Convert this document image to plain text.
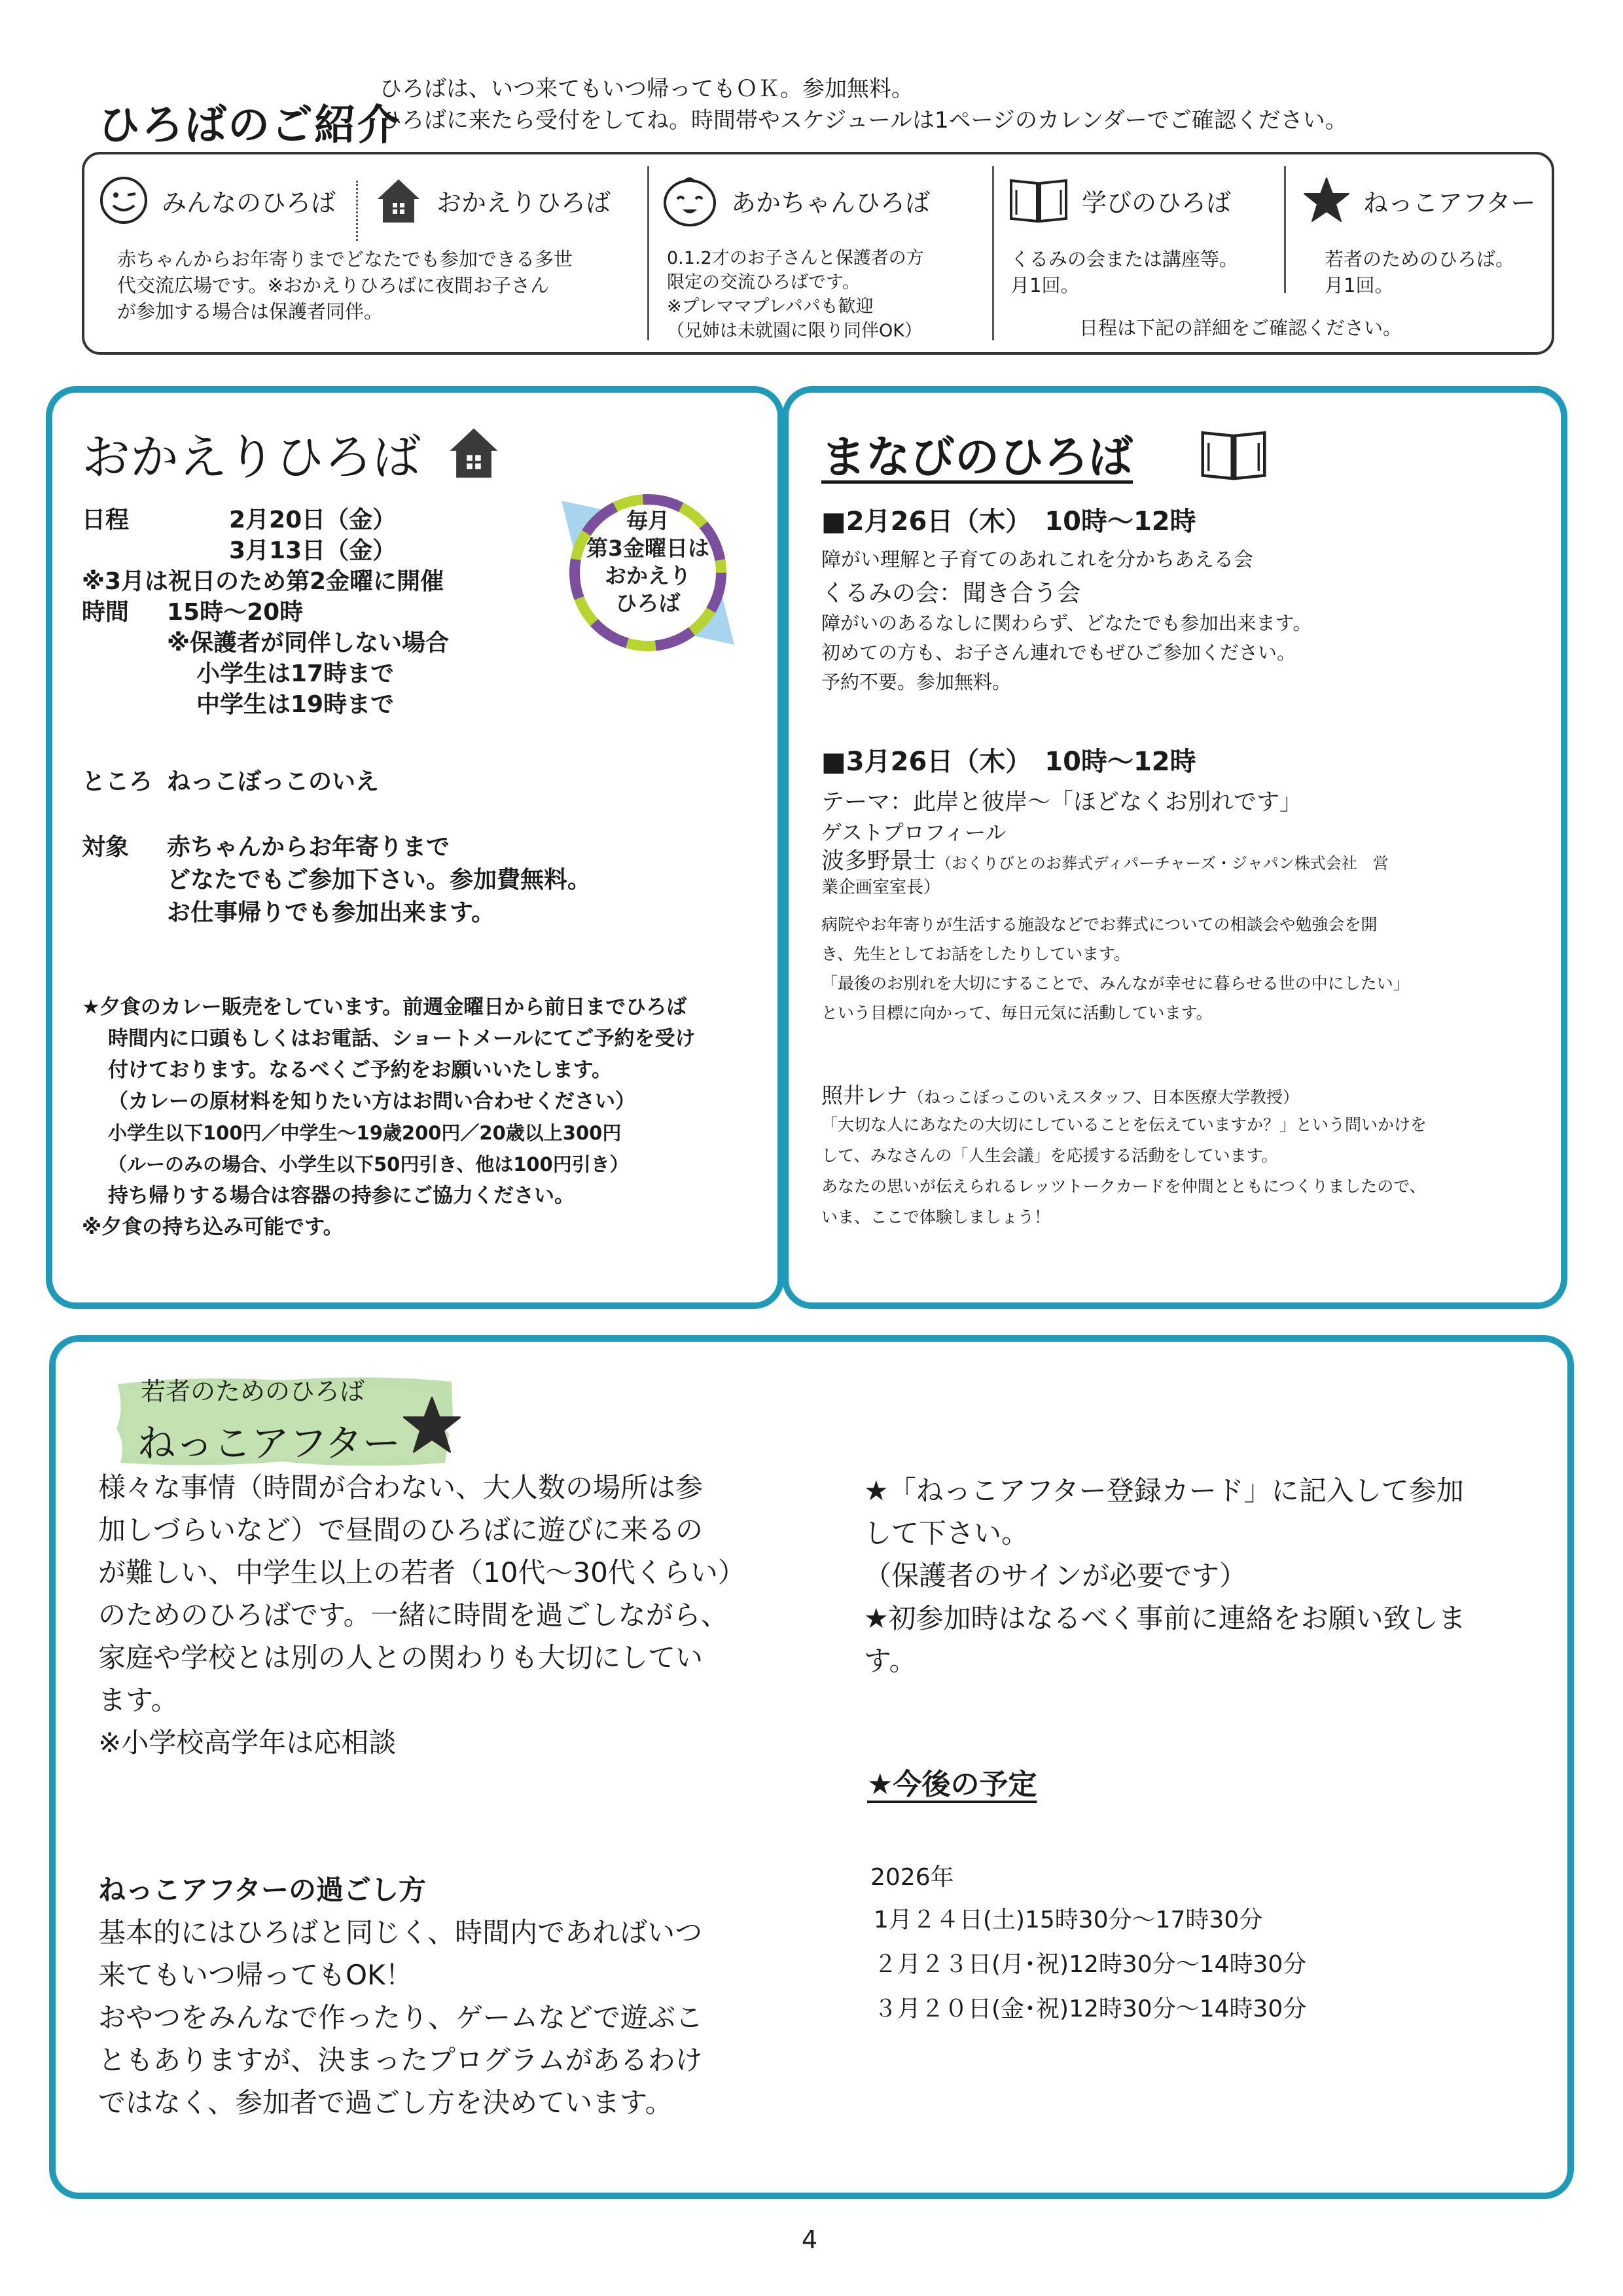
ひろばのご紹介
ひろばは、いつ来てもいつ帰ってもＯＫ。参加無料。
ひろばに来たら受付をしてね。時間帯やスケジュールは1ページのカレンダーでご確認ください。
みんなのひろば	おかえりひろば	あかちゃんひろば	学びのひろば	ねっこアフター
赤ちゃんからお年寄りまでどなたでも参加できる多世
代交流広場です。※おかえりひろばに夜間お子さん
が参加する場合は保護者同伴。
0.1.2才のお子さんと保護者の方
限定の交流ひろばです。
※プレママプレパパも歓迎
（兄姉は未就園に限り同伴OK）
くるみの会または講座等。
月1回。
若者のためのひろば。
月1回。
日程は下記の詳細をご確認ください。
おかえりひろば
日程	2月20日（金）
3月13日（金）
※3月は祝日のため第2金曜に開催
時間 15時～20時
※保護者が同伴しない場合
小学生は17時まで
中学生は19時まで
ところ ねっこぼっこのいえ
対象 赤ちゃんからお年寄りまで
どなたでもご参加下さい。参加費無料。
お仕事帰りでも参加出来ます。
★夕食のカレー販売をしています。前週金曜日から前日までひろば
時間内に口頭もしくはお電話、ショートメールにてご予約を受け
付けております。なるべくご予約をお願いいたします。
（カレーの原材料を知りたい方はお問い合わせください）
小学生以下100円／中学生～19歳200円／20歳以上300円
（ルーのみの場合、小学生以下50円引き、他は100円引き）
持ち帰りする場合は容器の持参にご協力ください。
※夕食の持ち込み可能です。
毎月
第3金曜日は
おかえり
ひろば
まなびのひろば
■2月26日（木）　10時～12時
障がい理解と子育てのあれこれを分かちあえる会
くるみの会：聞き合う会
障がいのあるなしに関わらず、どなたでも参加出来ます。
初めての方も、お子さん連れでもぜひご参加ください。
予約不要。参加無料。
■3月26日（木）　10時～12時
テーマ：此岸と彼岸～「ほどなくお別れです」
ゲストプロフィール
波多野景士（おくりびとのお葬式ディパーチャーズ・ジャパン株式会社　営
業企画室室長）
病院やお年寄りが生活する施設などでお葬式についての相談会や勉強会を開
き、先生としてお話をしたりしています。
「最後のお別れを大切にすることで、みんなが幸せに暮らせる世の中にしたい」
という目標に向かって、毎日元気に活動しています。
照井レナ（ねっこぼっこのいえスタッフ、日本医療大学教授）
「大切な人にあなたの大切にしていることを伝えていますか？」という問いかけを
して、みなさんの「人生会議」を応援する活動をしています。
あなたの思いが伝えられるレッツトークカードを仲間とともにつくりましたので、
いま、ここで体験しましょう！
若者のためのひろば
ねっこアフター
様々な事情（時間が合わない、大人数の場所は参
加しづらいなど）で昼間のひろばに遊びに来るの
が難しい、中学生以上の若者（10代～30代くらい）
のためのひろばです。一緒に時間を過ごしながら、
家庭や学校とは別の人との関わりも大切にしてい
ます。
※小学校高学年は応相談
ねっこアフターの過ごし方
基本的にはひろばと同じく、時間内であればいつ
来てもいつ帰ってもOK！
おやつをみんなで作ったり、ゲームなどで遊ぶこ
ともありますが、決まったプログラムがあるわけ
ではなく、参加者で過ごし方を決めています。
★「ねっこアフター登録カード」に記入して参加
して下さい。
（保護者のサインが必要です）
★初参加時はなるべく事前に連絡をお願い致しま
す。
★今後の予定
2026年
1月２４日(土)15時30分～17時30分
２月２３日(月･祝)12時30分～14時30分
３月２０日(金･祝)12時30分～14時30分
4
